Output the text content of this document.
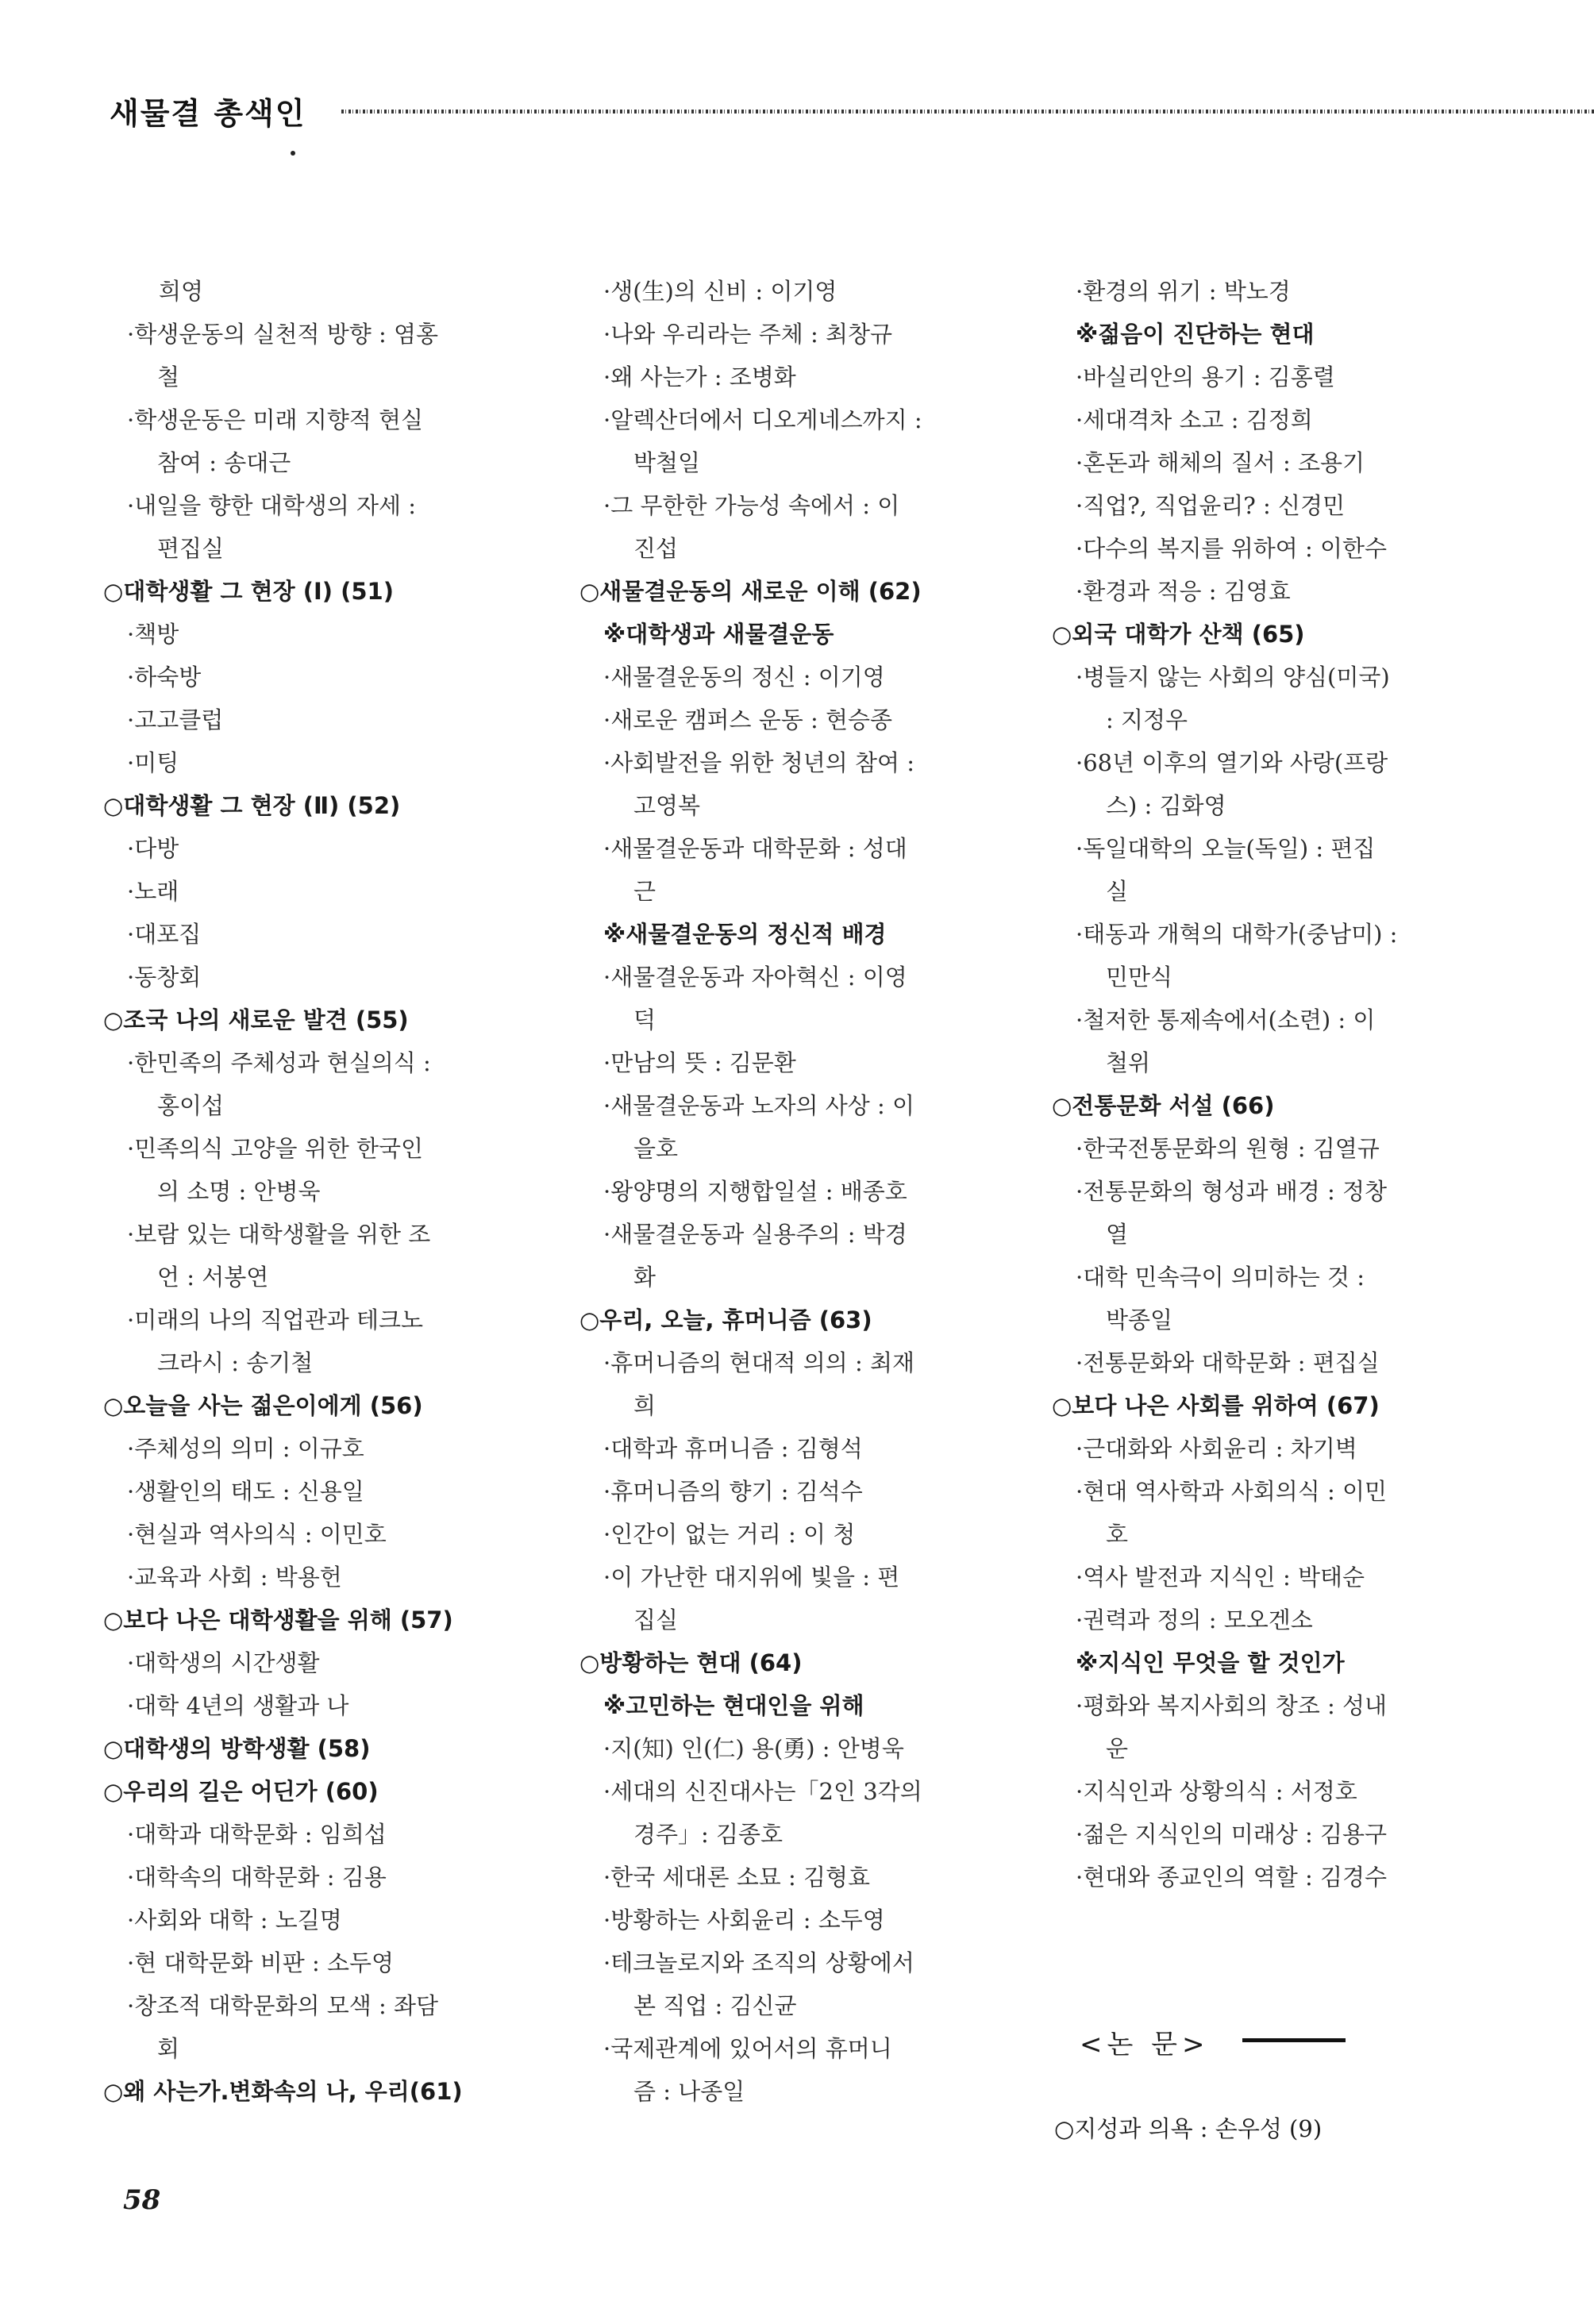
새물결 총색인

희영

·학생운동의 실천적 방향 : 염홍

철

·학생운동은 미래 지향적 현실

참여 : 송대근

·내일을 향한 대학생의 자세 :

편집실

○대학생활 그 현장 (Ⅰ) (51)

·책방

·하숙방

·고고클럽

·미팅

○대학생활 그 현장 (Ⅱ) (52)

·다방

·노래

·대포집

·동창회

○조국 나의 새로운 발견 (55)

·한민족의 주체성과 현실의식 :

홍이섭

·민족의식 고양을 위한 한국인

의 소명 : 안병욱

·보람 있는 대학생활을 위한 조

언 : 서봉연

·미래의 나의 직업관과 테크노

크라시 : 송기철

○오늘을 사는 젊은이에게 (56)

·주체성의 의미 : 이규호

·생활인의 태도 : 신용일

·현실과 역사의식 : 이민호

·교육과 사회 : 박용헌

○보다 나은 대학생활을 위해 (57)

·대학생의 시간생활

·대학 4년의 생활과 나

○대학생의 방학생활 (58)

○우리의 길은 어딘가 (60)

·대학과 대학문화 : 임희섭

·대학속의 대학문화 : 김용

·사회와 대학 : 노길명

·현 대학문화 비판 : 소두영

·창조적 대학문화의 모색 : 좌담

회

○왜 사는가.변화속의 나, 우리(61)

·생(生)의 신비 : 이기영

·나와 우리라는 주체 : 최창규

·왜 사는가 : 조병화

·알렉산더에서 디오게네스까지 :

박철일

·그 무한한 가능성 속에서 : 이

진섭

○새물결운동의 새로운 이해 (62)

※대학생과 새물결운동

·새물결운동의 정신 : 이기영

·새로운 캠퍼스 운동 : 현승종

·사회발전을 위한 청년의 참여 :

고영복

·새물결운동과 대학문화 : 성대

근

※새물결운동의 정신적 배경

·새물결운동과 자아혁신 : 이영

덕

·만남의 뜻 : 김문환

·새물결운동과 노자의 사상 : 이

을호

·왕양명의 지행합일설 : 배종호

·새물결운동과 실용주의 : 박경

화

○우리, 오늘, 휴머니즘 (63)

·휴머니즘의 현대적 의의 : 최재

희

·대학과 휴머니즘 : 김형석

·휴머니즘의 향기 : 김석수

·인간이 없는 거리 : 이 청

·이 가난한 대지위에 빛을 : 편

집실

○방황하는 현대 (64)

※고민하는 현대인을 위해

·지(知) 인(仁) 용(勇) : 안병욱

·세대의 신진대사는「2인 3각의

경주」: 김종호

·한국 세대론 소묘 : 김형효

·방황하는 사회윤리 : 소두영

·테크놀로지와 조직의 상황에서

본 직업 : 김신균

·국제관계에 있어서의 휴머니

즘 : 나종일

·환경의 위기 : 박노경

※젊음이 진단하는 현대

·바실리안의 용기 : 김홍렬

·세대격차 소고 : 김정희

·혼돈과 해체의 질서 : 조용기

·직업?, 직업윤리? : 신경민

·다수의 복지를 위하여 : 이한수

·환경과 적응 : 김영효

○외국 대학가 산책 (65)

·병들지 않는 사회의 양심(미국)

: 지정우

·68년 이후의 열기와 사랑(프랑

스) : 김화영

·독일대학의 오늘(독일) : 편집

실

·태동과 개혁의 대학가(중남미) :

민만식

·철저한 통제속에서(소련) : 이

철위

○전통문화 서설 (66)

·한국전통문화의 원형 : 김열규

·전통문화의 형성과 배경 : 정창

열

·대학 민속극이 의미하는 것 :

박종일

·전통문화와 대학문화 : 편집실

○보다 나은 사회를 위하여 (67)

·근대화와 사회윤리 : 차기벽

·현대 역사학과 사회의식 : 이민

호

·역사 발전과 지식인 : 박태순

·권력과 정의 : 모오겐소

※지식인 무엇을 할 것인가

·평화와 복지사회의 창조 : 성내

운

·지식인과 상황의식 : 서정호

·젊은 지식인의 미래상 : 김용구

·현대와 종교인의 역할 : 김경수

<논 문>
○지성과 의욕 : 손우성 (9)
58
